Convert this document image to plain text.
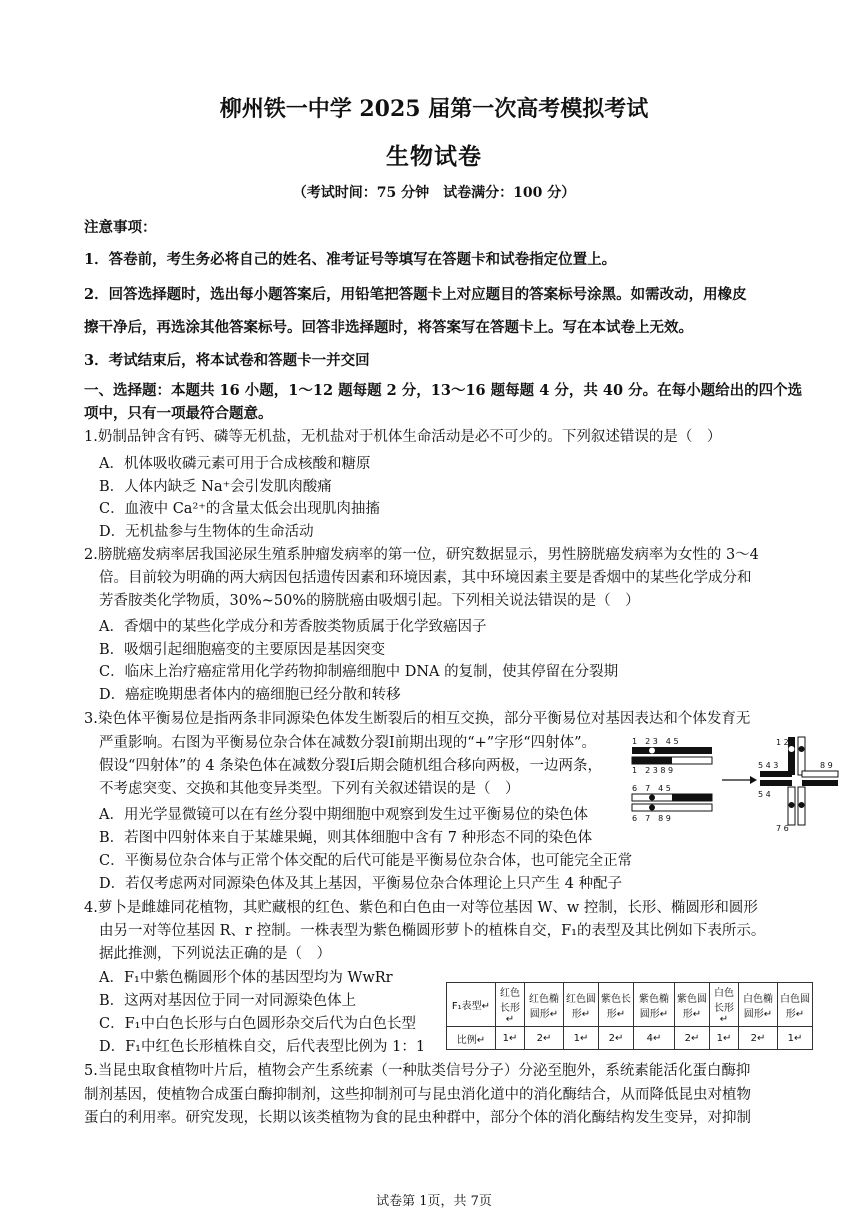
柳州铁一中学 2025 届第一次高考模拟考试
生物试卷
（考试时间：75 分钟　试卷满分：100 分）
注意事项：
1．答卷前，考生务必将自己的姓名、准考证号等填写在答题卡和试卷指定位置上。
2．回答选择题时，选出每小题答案后，用铅笔把答题卡上对应题目的答案标号涂黑。如需改动，用橡皮
擦干净后，再选涂其他答案标号。回答非选择题时，将答案写在答题卡上。写在本试卷上无效。
3．考试结束后，将本试卷和答题卡一并交回
一、选择题：本题共 16 小题，1～12 题每题 2 分，13～16 题每题 4 分，共 40 分。在每小题给出的四个选
项中，只有一项最符合题意。
1.奶制品钟含有钙、磷等无机盐，无机盐对于机体生命活动是必不可少的。下列叙述错误的是（　）
A．机体吸收磷元素可用于合成核酸和糖原
B．人体内缺乏 Na⁺会引发肌肉酸痛
C．血液中 Ca²⁺的含量太低会出现肌肉抽搐
D．无机盐参与生物体的生命活动
2.膀胱癌发病率居我国泌尿生殖系肿瘤发病率的第一位，研究数据显示，男性膀胱癌发病率为女性的 3～4
倍。目前较为明确的两大病因包括遗传因素和环境因素，其中环境因素主要是香烟中的某些化学成分和
芳香胺类化学物质，30%~50%的膀胱癌由吸烟引起。下列相关说法错误的是（　）
A．香烟中的某些化学成分和芳香胺类物质属于化学致癌因子
B．吸烟引起细胞癌变的主要原因是基因突变
C．临床上治疗癌症常用化学药物抑制癌细胞中 DNA 的复制，使其停留在分裂期
D．癌症晚期患者体内的癌细胞已经分散和转移
3.染色体平衡易位是指两条非同源染色体发生断裂后的相互交换，部分平衡易位对基因表达和个体发育无
严重影响。右图为平衡易位杂合体在减数分裂Ⅰ前期出现的“+”字形“四射体”。
假设“四射体”的 4 条染色体在减数分裂Ⅰ后期会随机组合移向两极，一边两条，
不考虑突变、交换和其他变异类型。下列有关叙述错误的是（　）
1　2 3　4 5
1　2 3 8 9
6　7　4 5
6　7　8 9
1 2
5 4 3	8 9
5 4
7 6
A．用光学显微镜可以在有丝分裂中期细胞中观察到发生过平衡易位的染色体
B．若图中四射体来自于某雄果蝇，则其体细胞中含有 7 种形态不同的染色体
C．平衡易位杂合体与正常个体交配的后代可能是平衡易位杂合体，也可能完全正常
D．若仅考虑两对同源染色体及其上基因，平衡易位杂合体理论上只产生 4 种配子
4.萝卜是雌雄同花植物，其贮藏根的红色、紫色和白色由一对等位基因 W、w 控制，长形、椭圆形和圆形
由另一对等位基因 R、r 控制。一株表型为紫色椭圆形萝卜的植株自交，F₁的表型及其比例如下表所示。
据此推测，下列说法正确的是（　）
A．F₁中紫色椭圆形个体的基因型均为 WwRr
B．这两对基因位于同一对同源染色体上
C．F₁中白色长形与白色圆形杂交后代为白色长型
D．F₁中红色长形植株自交，后代表型比例为 1：1
F₁表型↵	红色长形↵	红色椭圆形↵	红色圆形↵	紫色长形↵	紫色椭圆形↵	紫色圆形↵	白色长形↵	白色椭圆形↵	白色圆形↵
比例↵	1↵	2↵	1↵	2↵	4↵	2↵	1↵	2↵	1↵
5.当昆虫取食植物叶片后，植物会产生系统素（一种肽类信号分子）分泌至胞外，系统素能活化蛋白酶抑
制剂基因，使植物合成蛋白酶抑制剂，这些抑制剂可与昆虫消化道中的消化酶结合，从而降低昆虫对植物
蛋白的利用率。研究发现，长期以该类植物为食的昆虫种群中，部分个体的消化酶结构发生变异，对抑制
试卷第 1页，共 7页
